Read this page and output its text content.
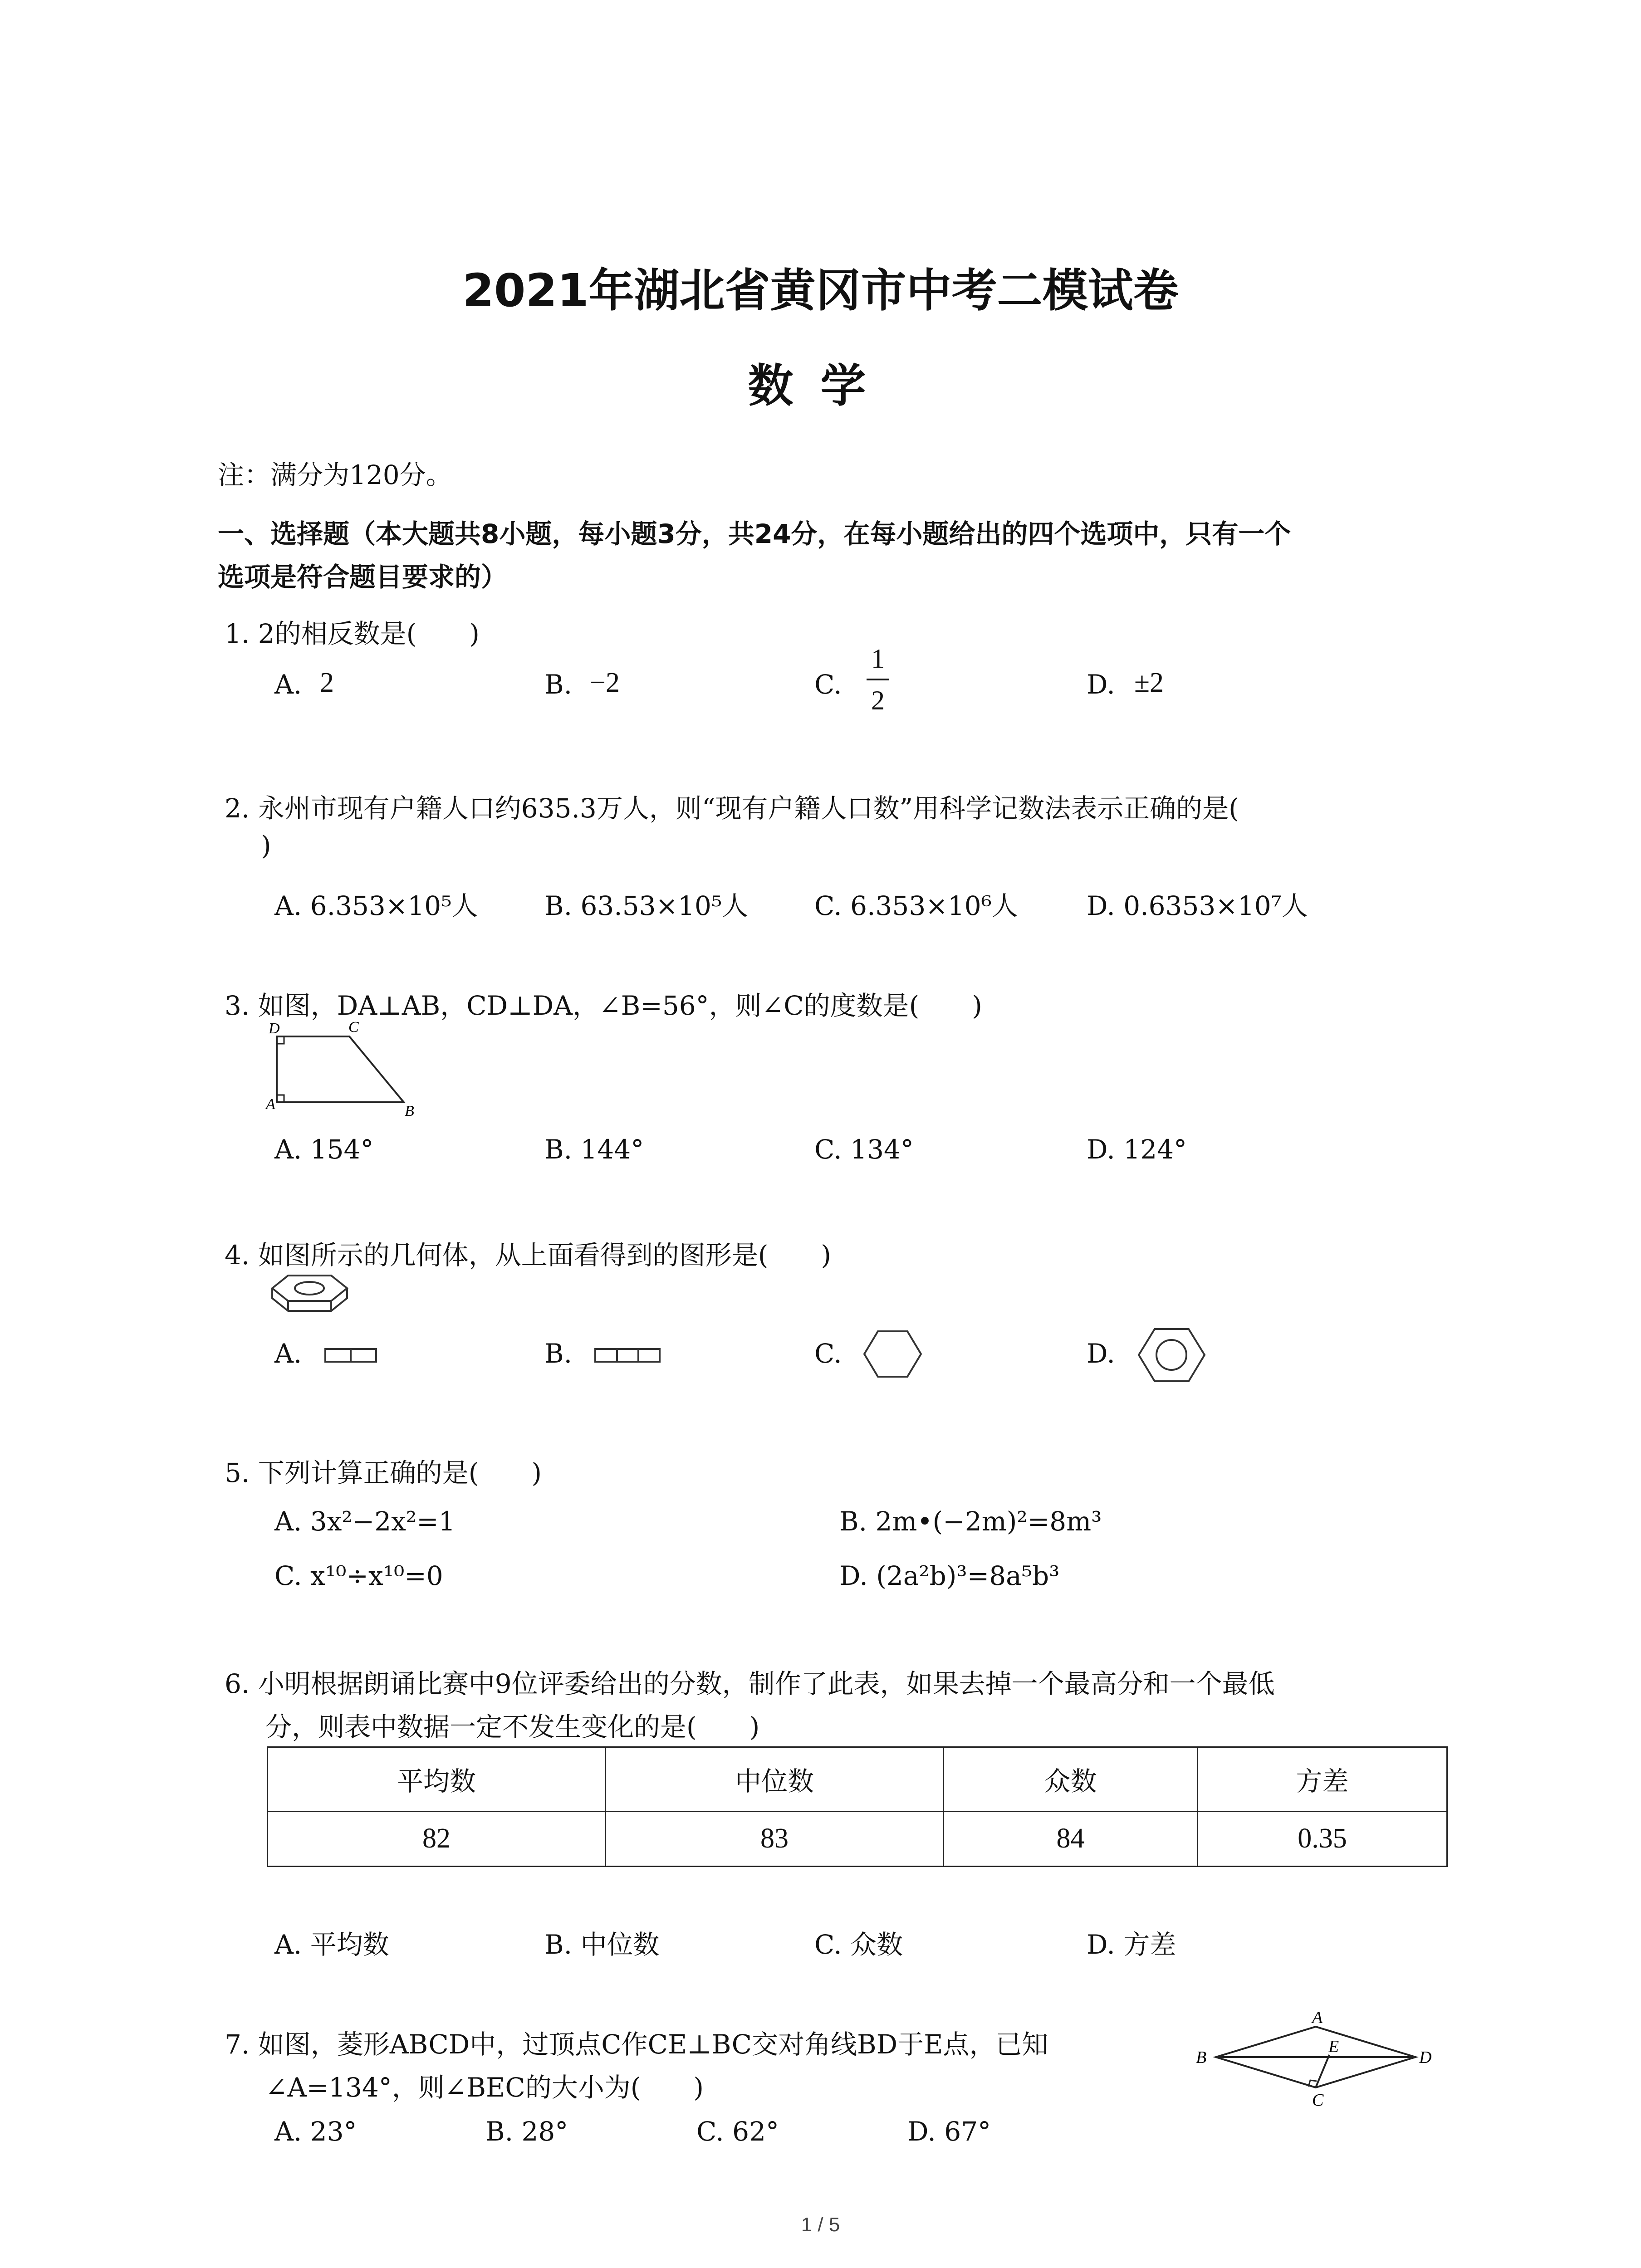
2021年湖北省黄冈市中考二模试卷
数学
注：满分为120分。
一、选择题（本大题共8小题，每小题3分，共24分，在每小题给出的四个选项中，只有一个
选项是符合题目要求的）
1. 2的相反数是(　　)
A. 2	B. −2	C.
1
2
D. ±2
2. 永州市现有户籍人口约635.3万人，则“现有户籍人口数”用科学记数法表示正确的是(
)
A. 6.353×10⁵人	B. 63.53×10⁵人	C. 6.353×10⁶人	D. 0.6353×10⁷人
3. 如图，DA⊥AB，CD⊥DA，∠B=56°，则∠C的度数是(　　)
D	C
A	B
A. 154°	B. 144°	C. 134°	D. 124°
4. 如图所示的几何体，从上面看得到的图形是(　　)
A.	B.	C.	D.
5. 下列计算正确的是(　　)
A. 3x²−2x²=1	B. 2m•(−2m)²=8m³
C. x¹⁰÷x¹⁰=0	D. (2a²b)³=8a⁵b³
6. 小明根据朗诵比赛中9位评委给出的分数，制作了此表，如果去掉一个最高分和一个最低
分，则表中数据一定不发生变化的是(　　)
平均数	中位数	众数	方差
82	83	84	0.35
A. 平均数	B. 中位数	C. 众数	D. 方差
7. 如图，菱形ABCD中，过顶点C作CE⊥BC交对角线BD于E点，已知
∠A=134°，则∠BEC的大小为(　　)
A. 23°	B. 28°	C. 62°	D. 67°
A
B
E
D
C
1 / 5
